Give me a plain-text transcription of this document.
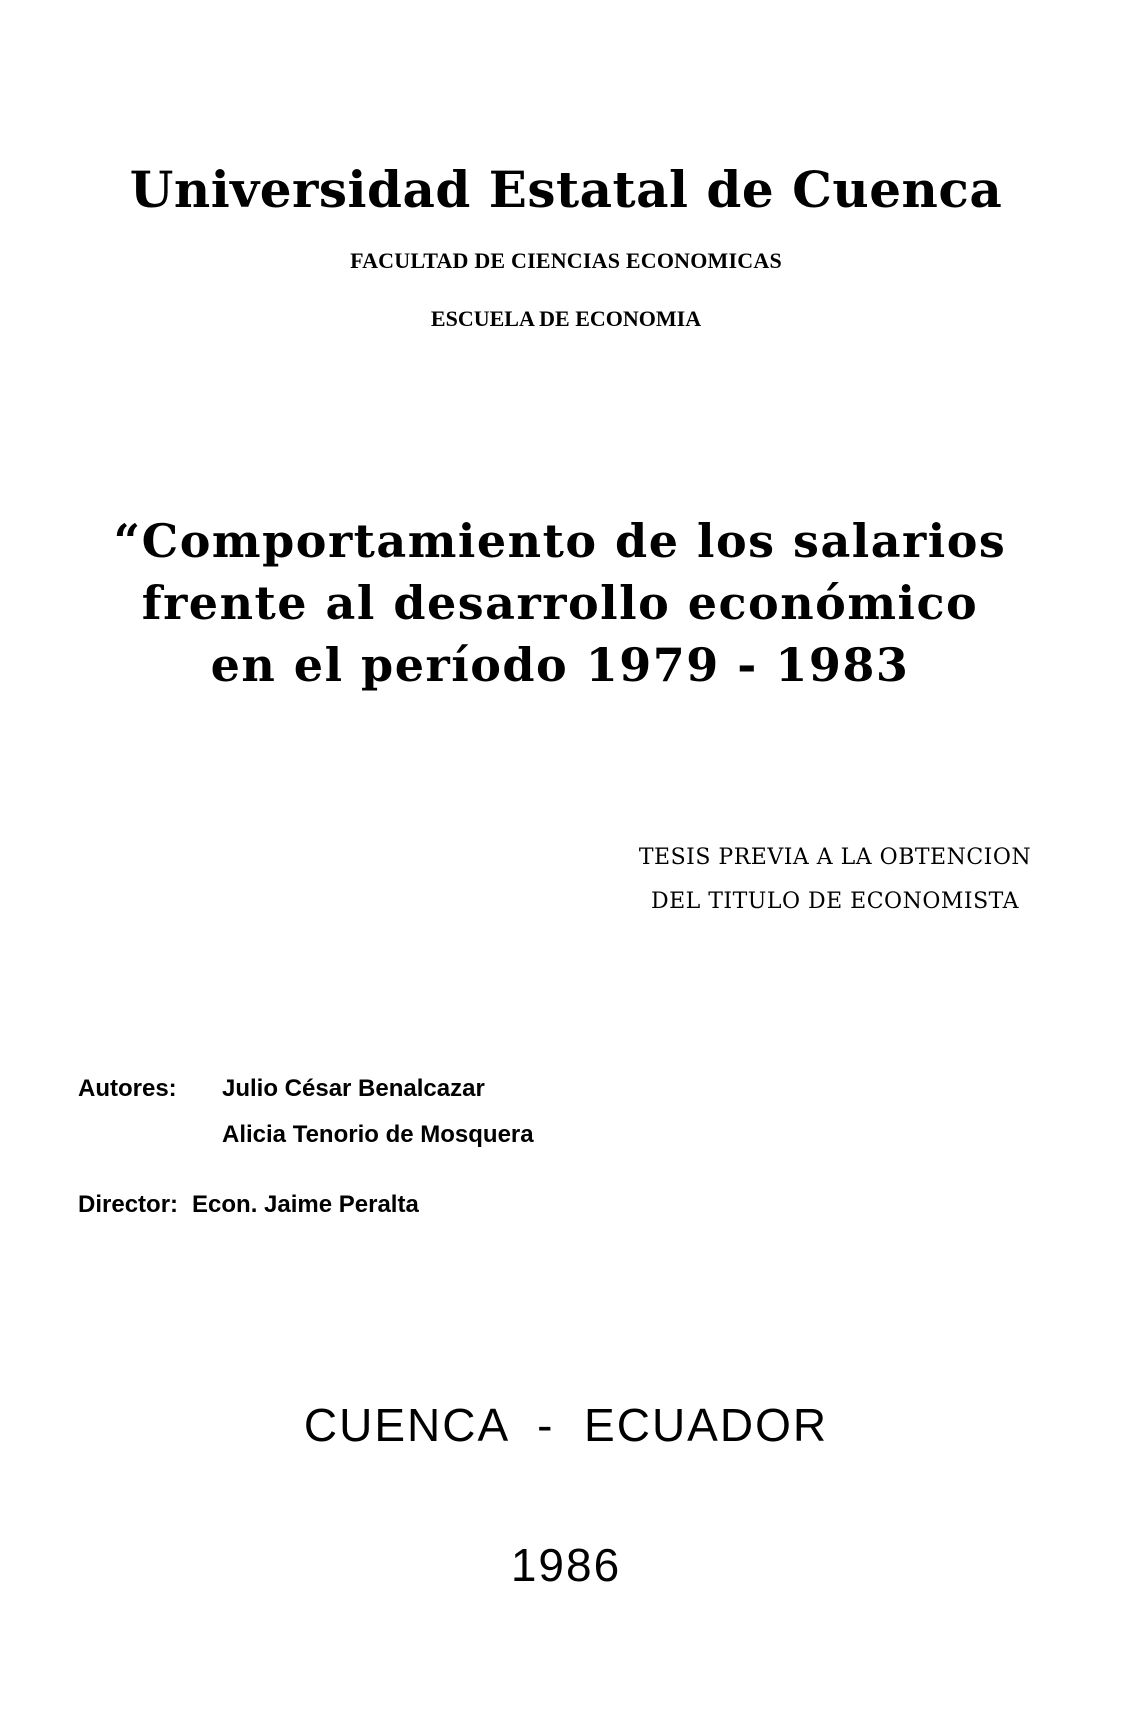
Universidad Estatal de Cuenca
FACULTAD DE CIENCIAS ECONOMICAS
ESCUELA DE ECONOMIA
“Comportamiento de los salarios
frente al desarrollo económico
en el período 1979 - 1983
TESIS PREVIA A LA OBTENCION
DEL TITULO DE ECONOMISTA
Autores: Julio César Benalcazar
Alicia Tenorio de Mosquera
Director: Econ. Jaime Peralta
CUENCA  -  ECUADOR
1986
